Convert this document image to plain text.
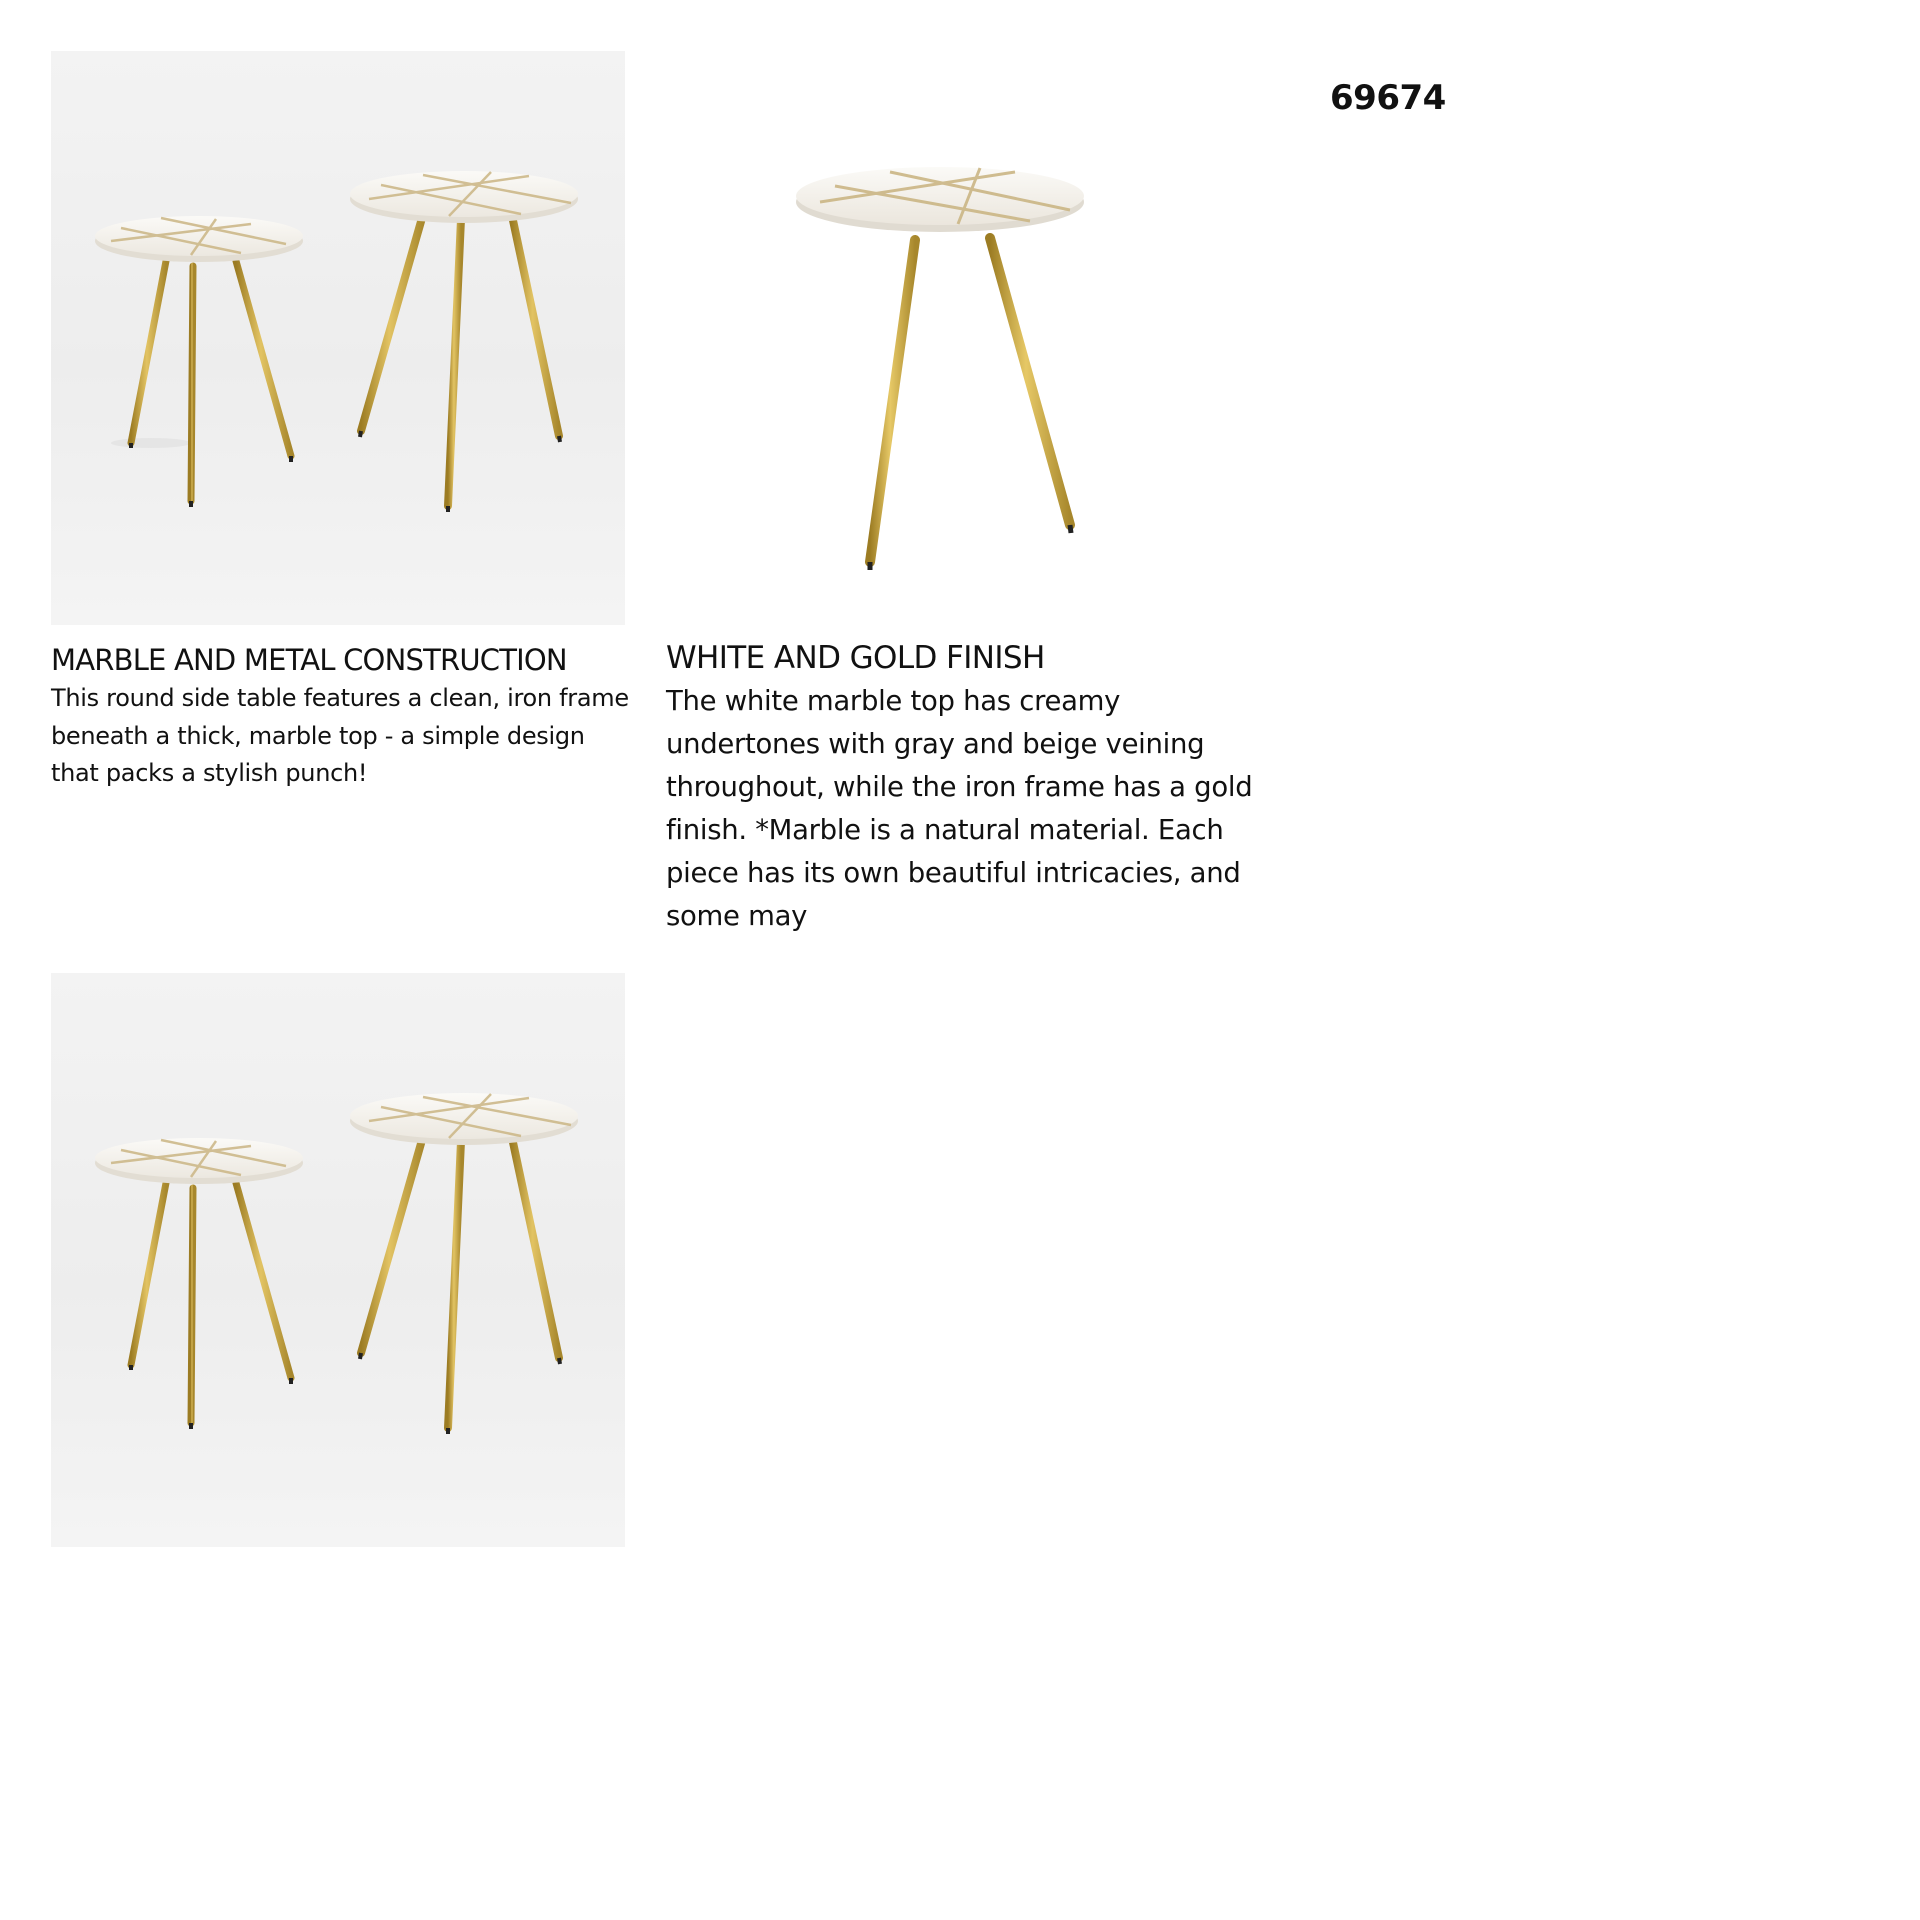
69674
MARBLE AND METAL CONSTRUCTION

This round side table features a clean, iron frame beneath a thick, marble top - a simple design that packs a stylish punch!

WHITE AND GOLD FINISH

The white marble top has creamy undertones with gray and beige veining throughout, while the iron frame has a gold finish. *Marble is a natural material. Each piece has its own beautiful intricacies, and some may
